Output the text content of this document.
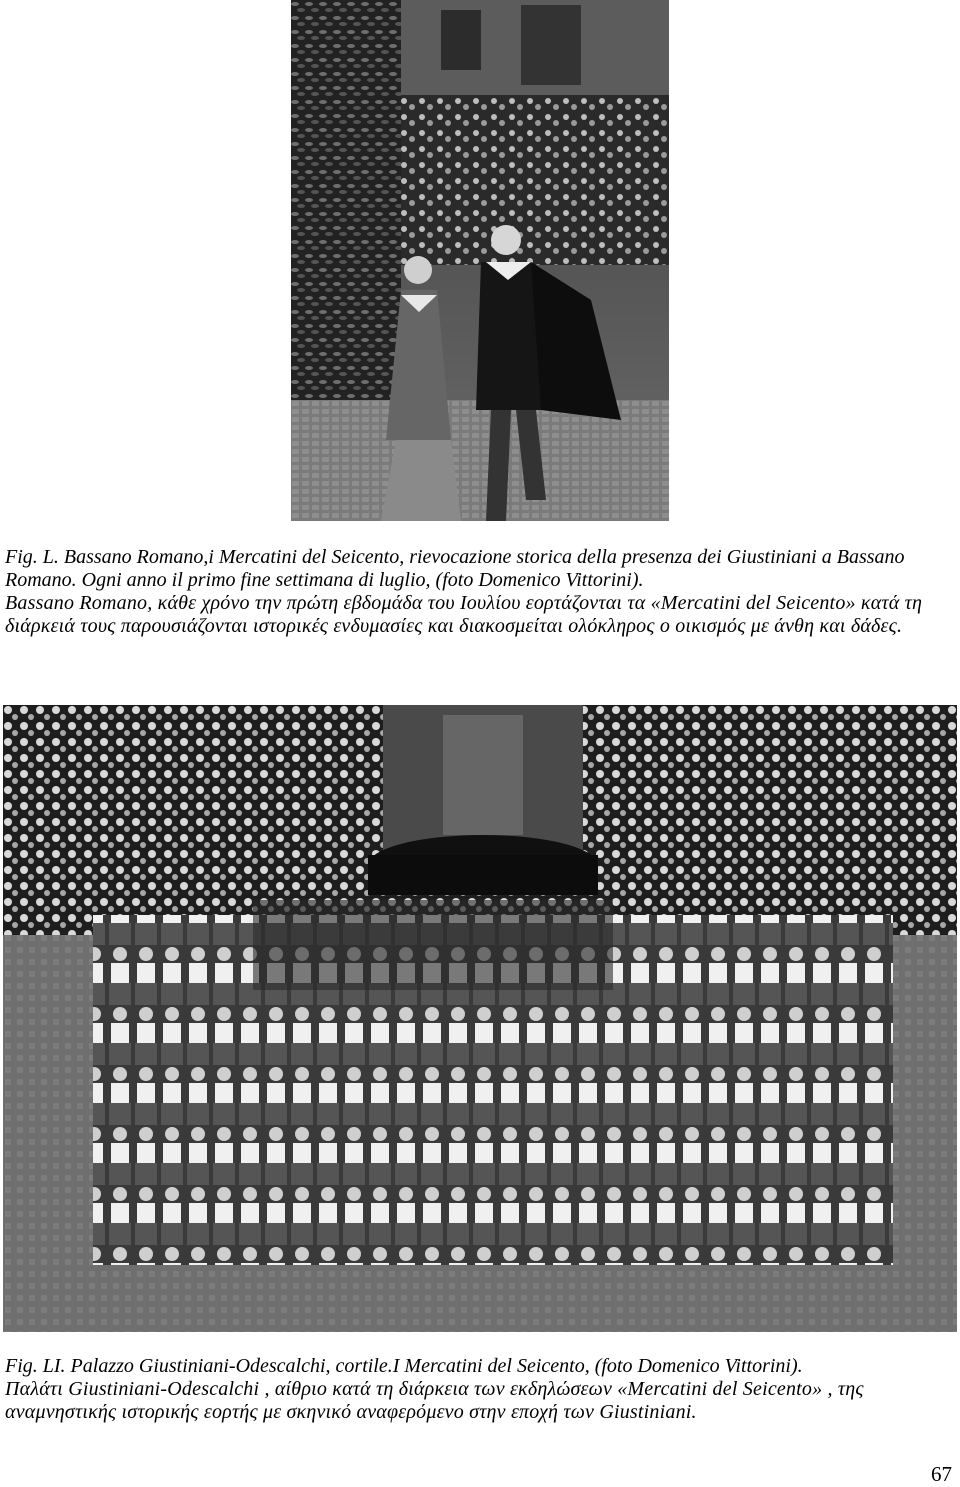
Fig. L. Bassano Romano,i Mercatini del Seicento, rievocazione storica della presenza dei Giustiniani a Bassano Romano. Ogni anno il primo fine settimana di luglio, (foto Domenico Vittorini).

Bassano Romano, κάθε χρόνο την πρώτη εβδομάδα του Ιουλίου εορτάζονται τα «Mercatini del Seicento» κατά τη διάρκειά τους παρουσιάζονται ιστορικές ενδυμασίες και διακοσμείται ολόκληρος ο οικισμός με άνθη και δάδες.

Fig. LI. Palazzo Giustiniani-Odescalchi, cortile.I Mercatini del Seicento, (foto Domenico Vittorini).

Παλάτι Giustiniani-Odescalchi , αίθριο κατά τη διάρκεια των εκδηλώσεων «Mercatini del Seicento» , της αναμνηστικής ιστορικής εορτής με σκηνικό αναφερόμενο στην εποχή των Giustiniani.

67
